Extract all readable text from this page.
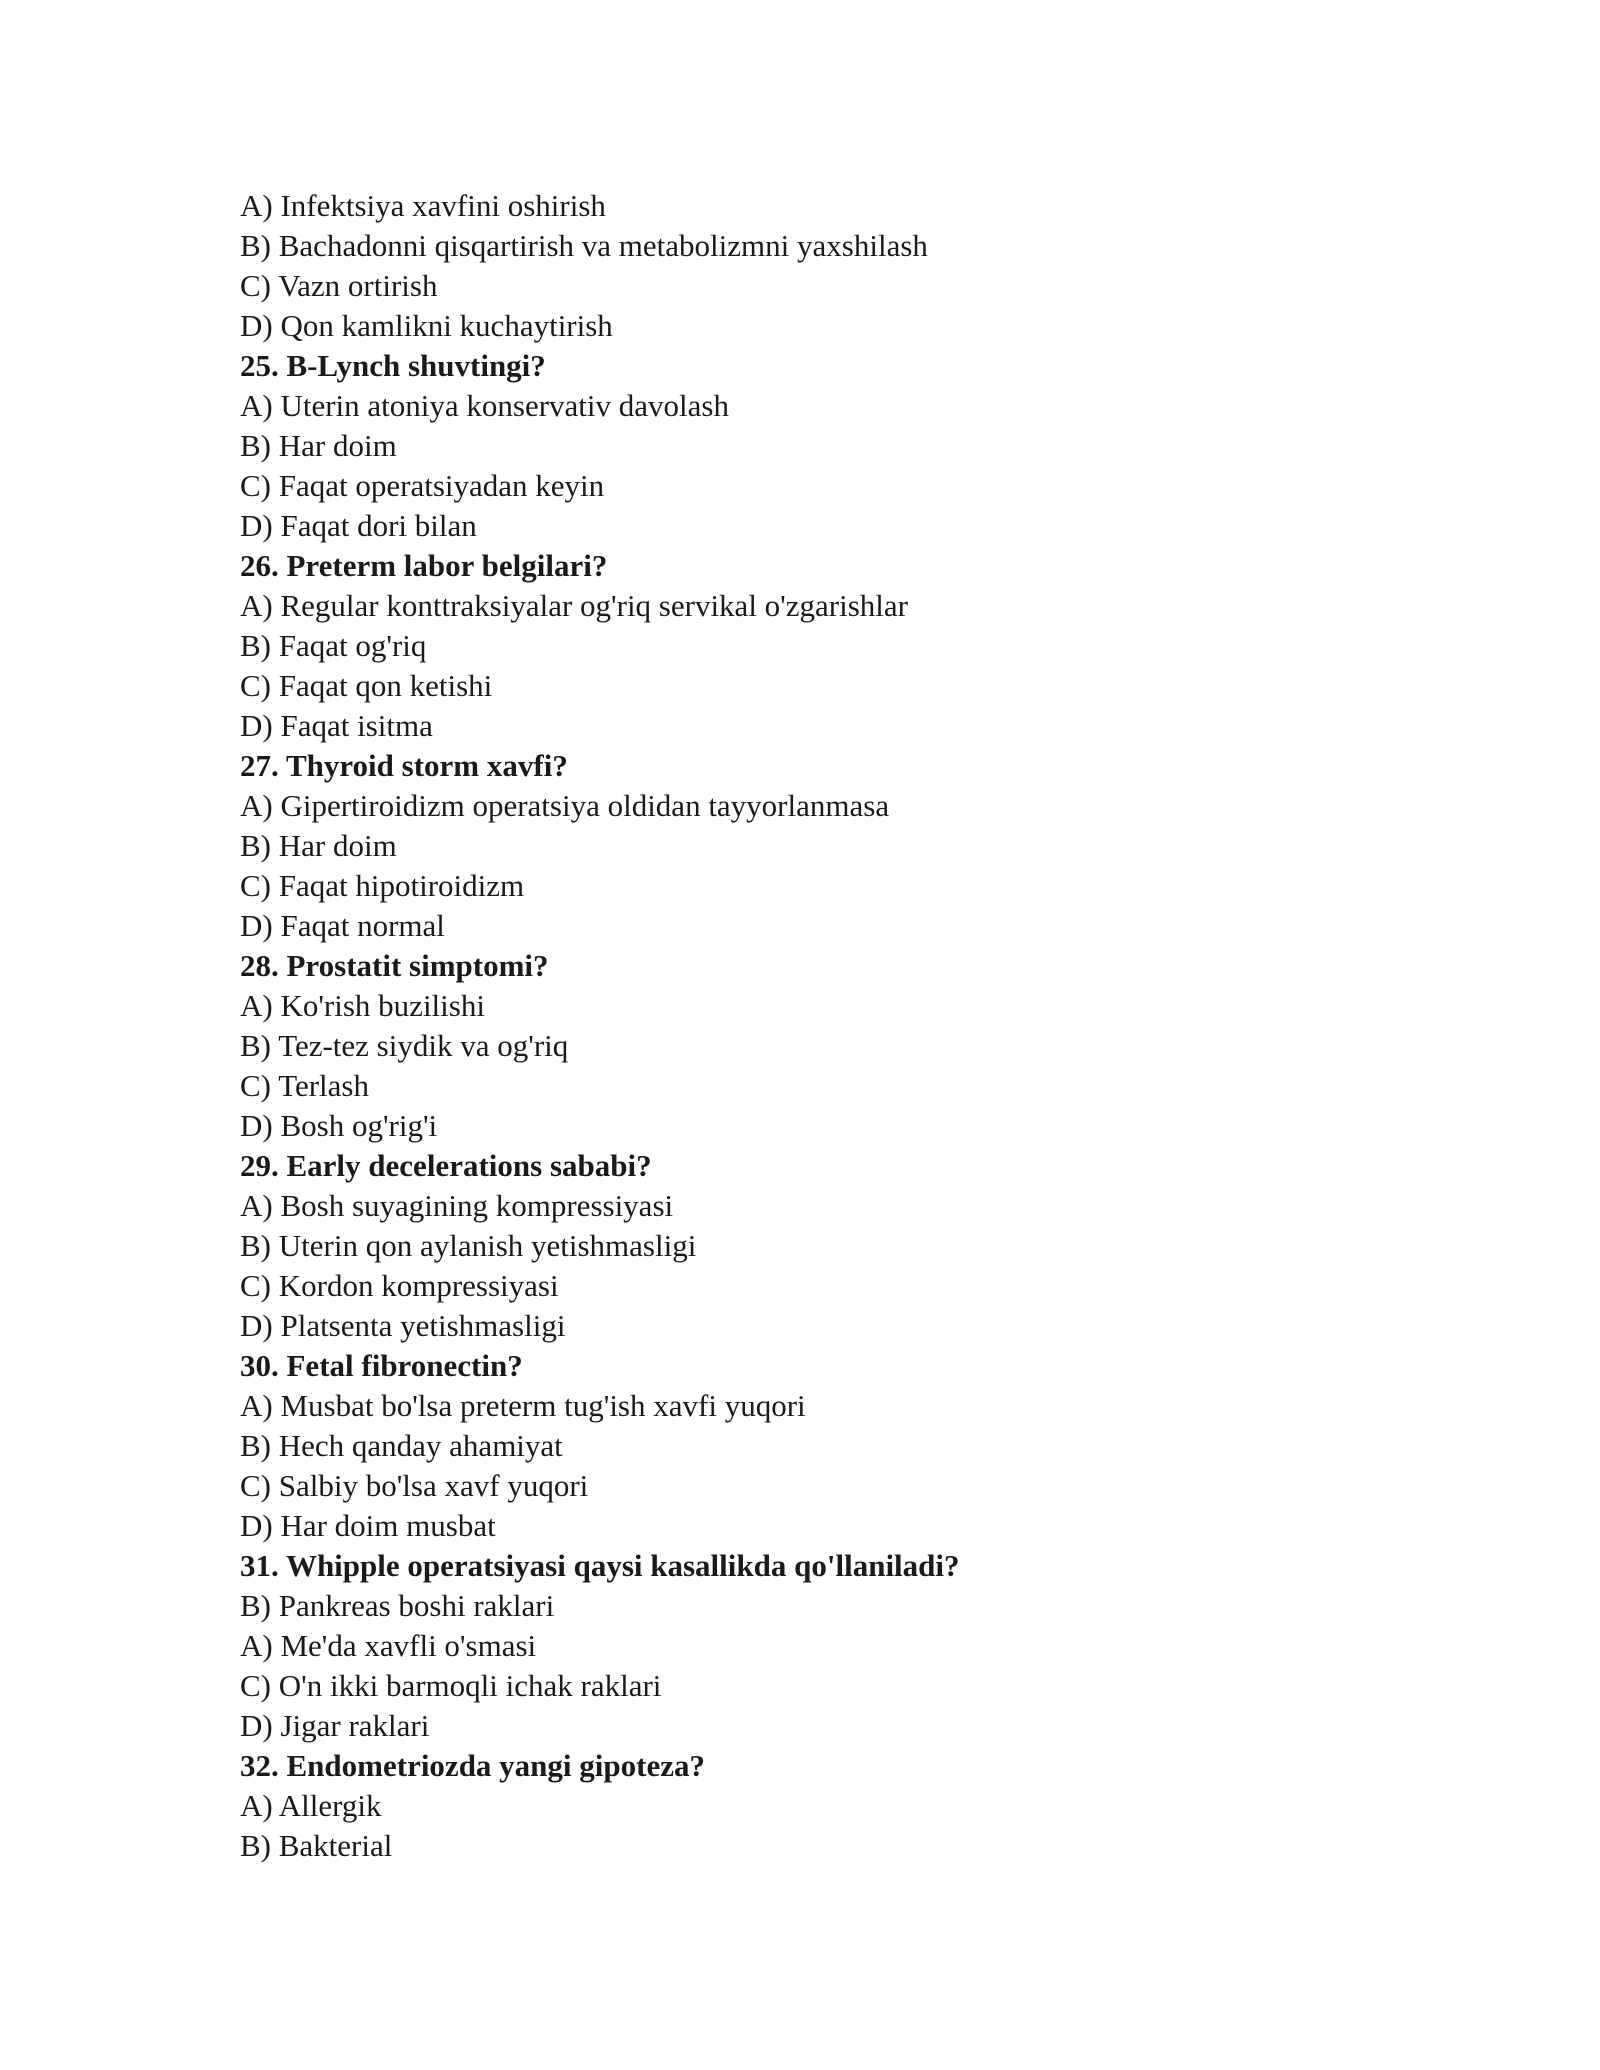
A) Infektsiya xavfini oshirish
B) Bachadonni qisqartirish va metabolizmni yaxshilash
C) Vazn ortirish
D) Qon kamlikni kuchaytirish
25. B-Lynch shuvtingi?
A) Uterin atoniya konservativ davolash
B) Har doim
C) Faqat operatsiyadan keyin
D) Faqat dori bilan
26. Preterm labor belgilari?
A) Regular konttraksiyalar og'riq servikal o'zgarishlar
B) Faqat og'riq
C) Faqat qon ketishi
D) Faqat isitma
27. Thyroid storm xavfi?
A) Gipertiroidizm operatsiya oldidan tayyorlanmasa
B) Har doim
C) Faqat hipotiroidizm
D) Faqat normal
28. Prostatit simptomi?
A) Ko'rish buzilishi
B) Tez-tez siydik va og'riq
C) Terlash
D) Bosh og'rig'i
29. Early decelerations sababi?
A) Bosh suyagining kompressiyasi
B) Uterin qon aylanish yetishmasligi
C) Kordon kompressiyasi
D) Platsenta yetishmasligi
30. Fetal fibronectin?
A) Musbat bo'lsa preterm tug'ish xavfi yuqori
B) Hech qanday ahamiyat
C) Salbiy bo'lsa xavf yuqori
D) Har doim musbat
31. Whipple operatsiyasi qaysi kasallikda qo'llaniladi?
B) Pankreas boshi raklari
A) Me'da xavfli o'smasi
C) O'n ikki barmoqli ichak raklari
D) Jigar raklari
32. Endometriozda yangi gipoteza?
A) Allergik
B) Bakterial
